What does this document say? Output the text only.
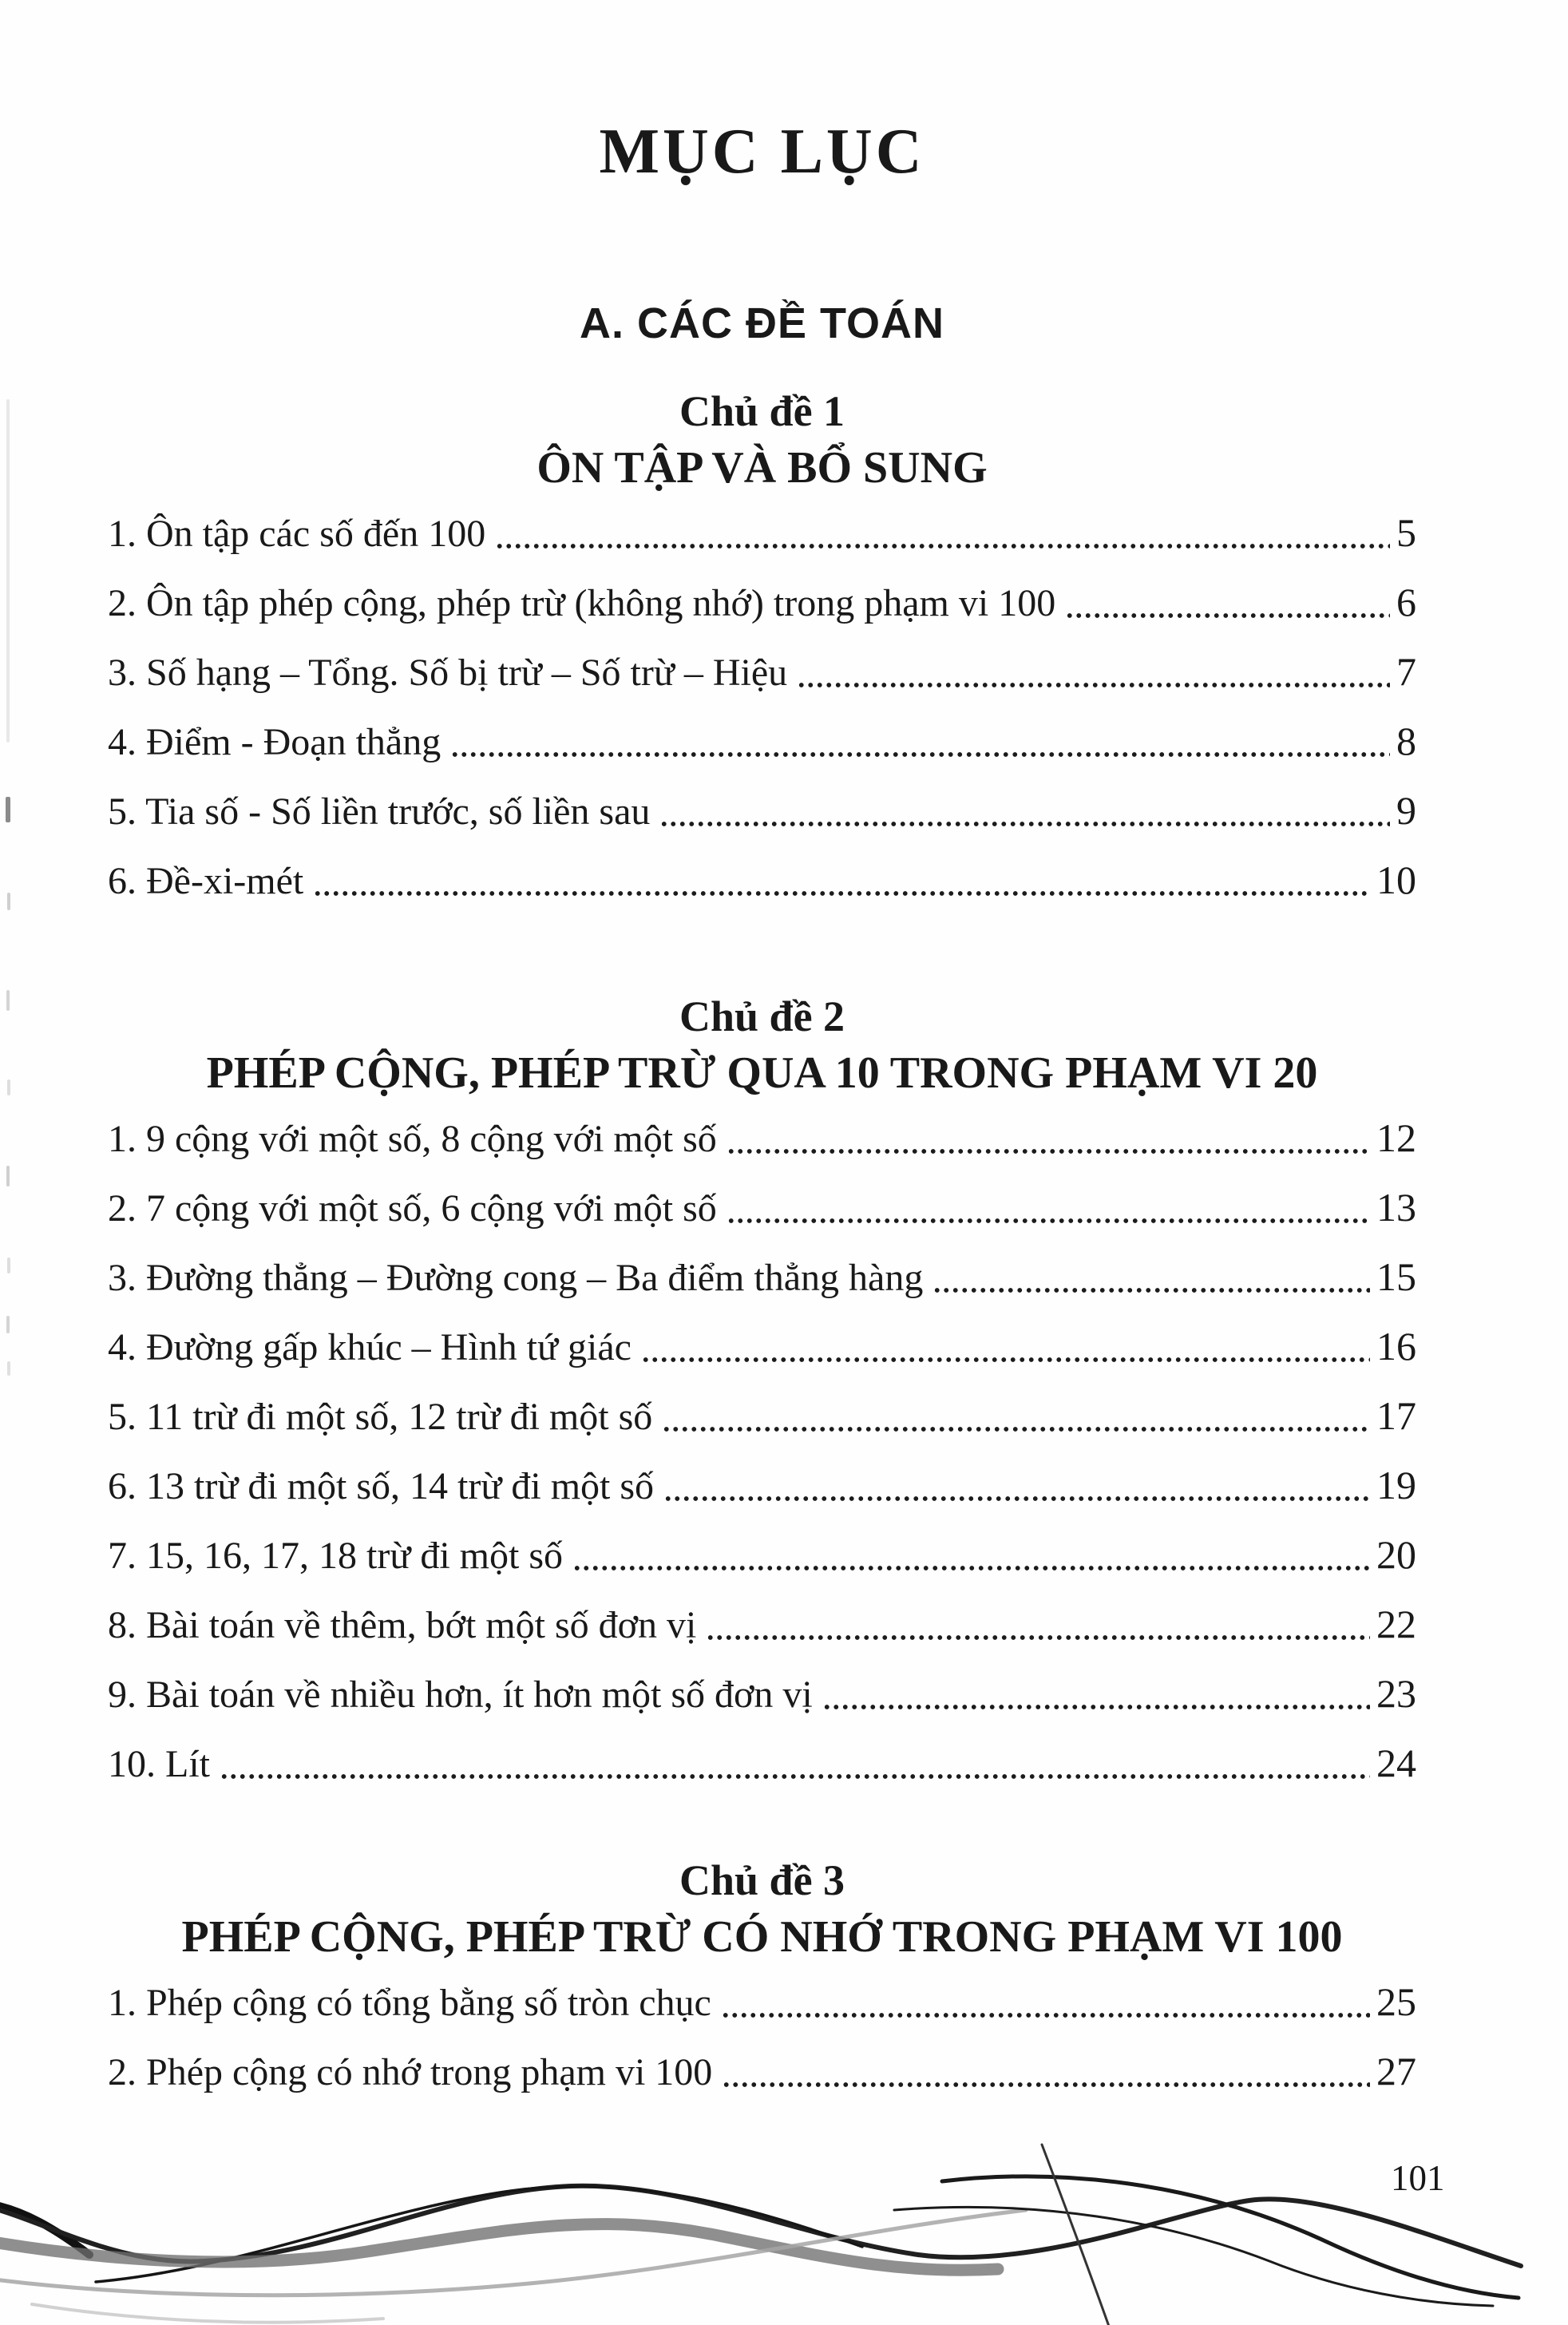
MỤC LỤC
A. CÁC ĐỀ TOÁN
Chủ đề 1
ÔN TẬP VÀ BỔ SUNG
1. Ôn tập các số đến 100	5
2. Ôn tập phép cộng, phép trừ (không nhớ) trong phạm vi 100	6
3. Số hạng – Tổng. Số bị trừ – Số trừ – Hiệu	7
4. Điểm - Đoạn thẳng	8
5. Tia số - Số liền trước, số liền sau	9
6. Đề-xi-mét	10
Chủ đề 2
PHÉP CỘNG, PHÉP TRỪ QUA 10 TRONG PHẠM VI 20
1. 9 cộng với một số, 8 cộng với một số	12
2. 7 cộng với một số, 6 cộng với một số	13
3. Đường thẳng – Đường cong – Ba điểm thẳng hàng	15
4. Đường gấp khúc – Hình tứ giác	16
5. 11 trừ đi một số, 12 trừ đi một số	17
6. 13 trừ đi một số, 14 trừ đi một số	19
7. 15, 16, 17, 18 trừ đi một số	20
8. Bài toán về thêm, bớt một số đơn vị	22
9. Bài toán về nhiều hơn, ít hơn một số đơn vị	23
10. Lít	24
Chủ đề 3
PHÉP CỘNG, PHÉP TRỪ CÓ NHỚ TRONG PHẠM VI 100
1. Phép cộng có tổng bằng số tròn chục	25
2. Phép cộng có nhớ trong phạm vi 100	27
101
